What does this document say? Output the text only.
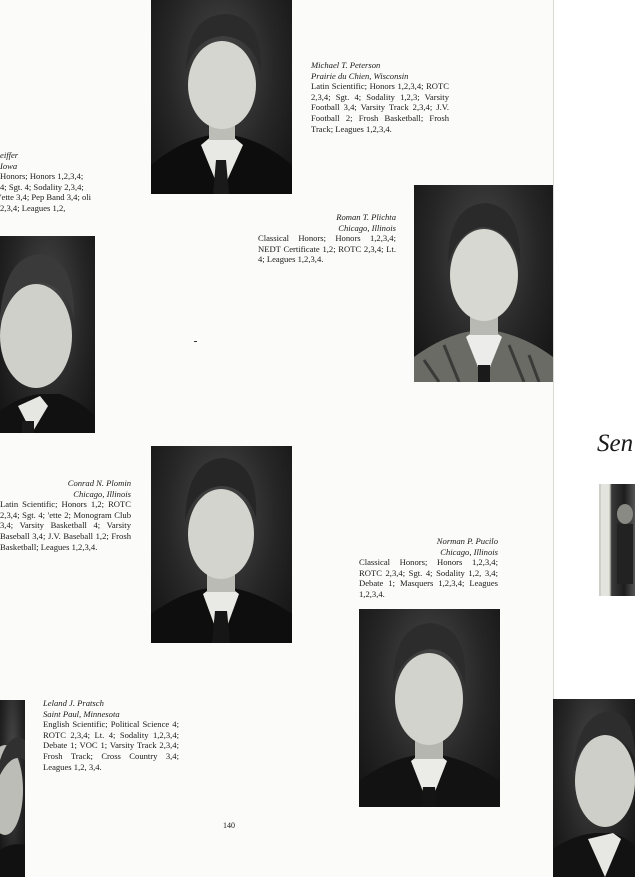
Michael T. Peterson
Prairie du Chien, Wisconsin
Latin Scientific; Honors 1,2,3,4; ROTC 2,3,4; Sgt. 4; Sodality 1,2,3; Varsity Football 3,4; Varsity Track 2,3,4; J.V. Football 2; Frosh Basketball; Frosh Track; Leagues 1,2,3,4.
eiffer
Iowa
Honors; Honors 1,2,3,4; 4; Sgt. 4; Sodality 2,3,4; 'ette 3,4; Pep Band 3,4; oli 2,3,4; Leagues 1,2,
Roman T. Plichta
Chicago, Illinois
Classical Honors; Honors 1,2,3,4; NEDT Certificate 1,2; ROTC 2,3,4; Lt. 4; Leagues 1,2,3,4.
Conrad N. Plomin
Chicago, Illinois
Latin Scientific; Honors 1,2; ROTC 2,3,4; Sgt. 4; 'ette 2; Monogram Club 3,4; Varsity Basketball 4; Varsity Baseball 3,4; J.V. Baseball 1,2; Frosh Basketball; Leagues 1,2,3,4.
Norman P. Pucilo
Chicago, Illinois
Classical Honors; Honors 1,2,3,4; ROTC 2,3,4; Sgt. 4; Sodality 1,2, 3,4; Debate 1; Masquers 1,2,3,4; Leagues 1,2,3,4.
Leland J. Pratsch
Saint Paul, Minnesota
English Scientific; Political Science 4; ROTC 2,3,4; Lt. 4; Sodality 1,2,3,4; Debate 1; VOC 1; Varsity Track 2,3,4; Frosh Track; Cross Country 3,4; Leagues 1,2, 3,4.
140
Sen
